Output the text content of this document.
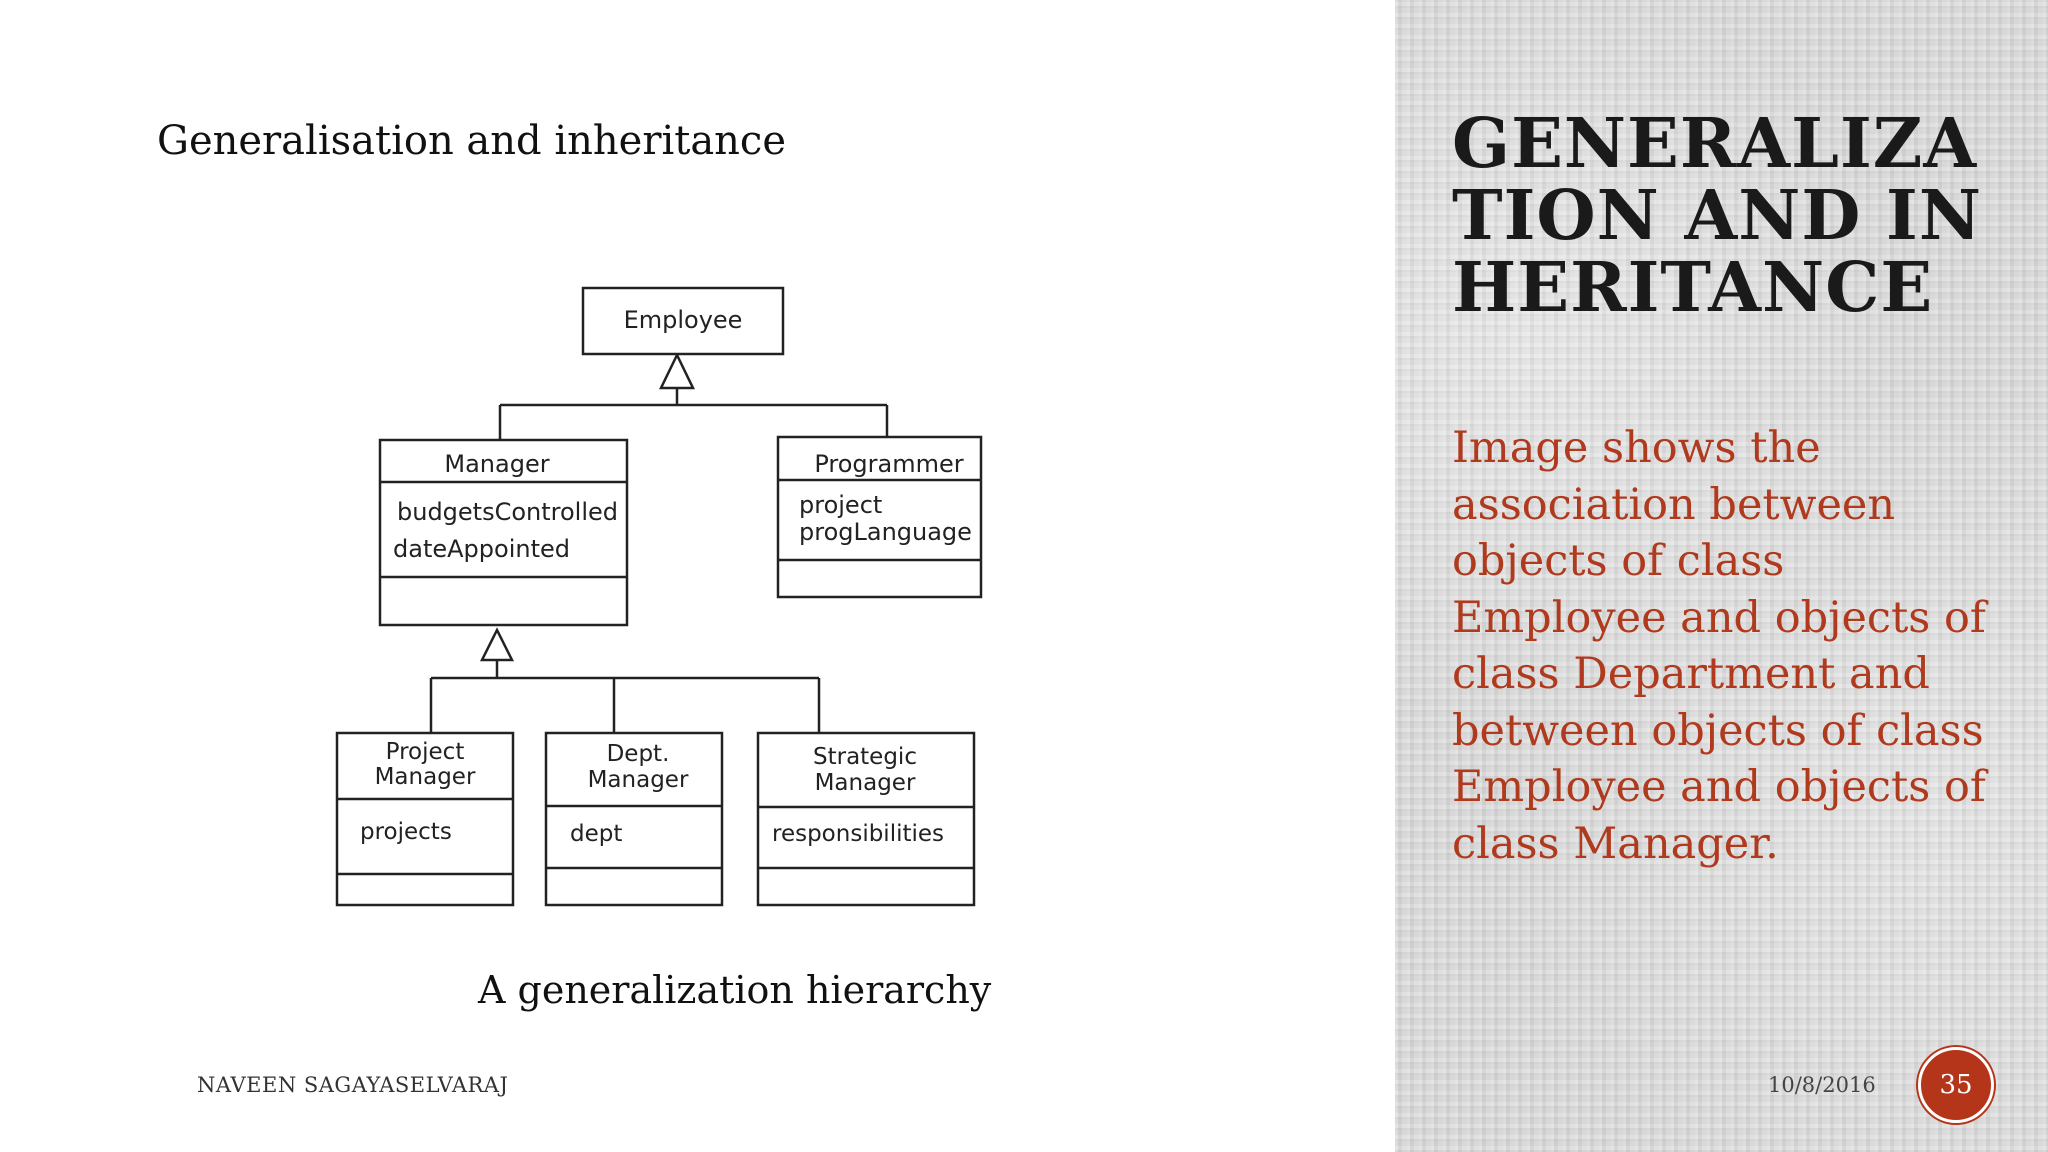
Generalisation and inheritance
Employee
Manager
budgetsControlled
dateAppointed
Programmer
project
progLanguage
Project
Manager
projects
Dept.
Manager
dept
Strategic
Manager
responsibilities
A generalization hierarchy
NAVEEN SAGAYASELVARAJ	10/8/2016	35
GENERALIZATION AND INHERITANCE
Image shows the association between objects of class Employee and objects of class Department and between objects of class Employee and objects of class Manager.
